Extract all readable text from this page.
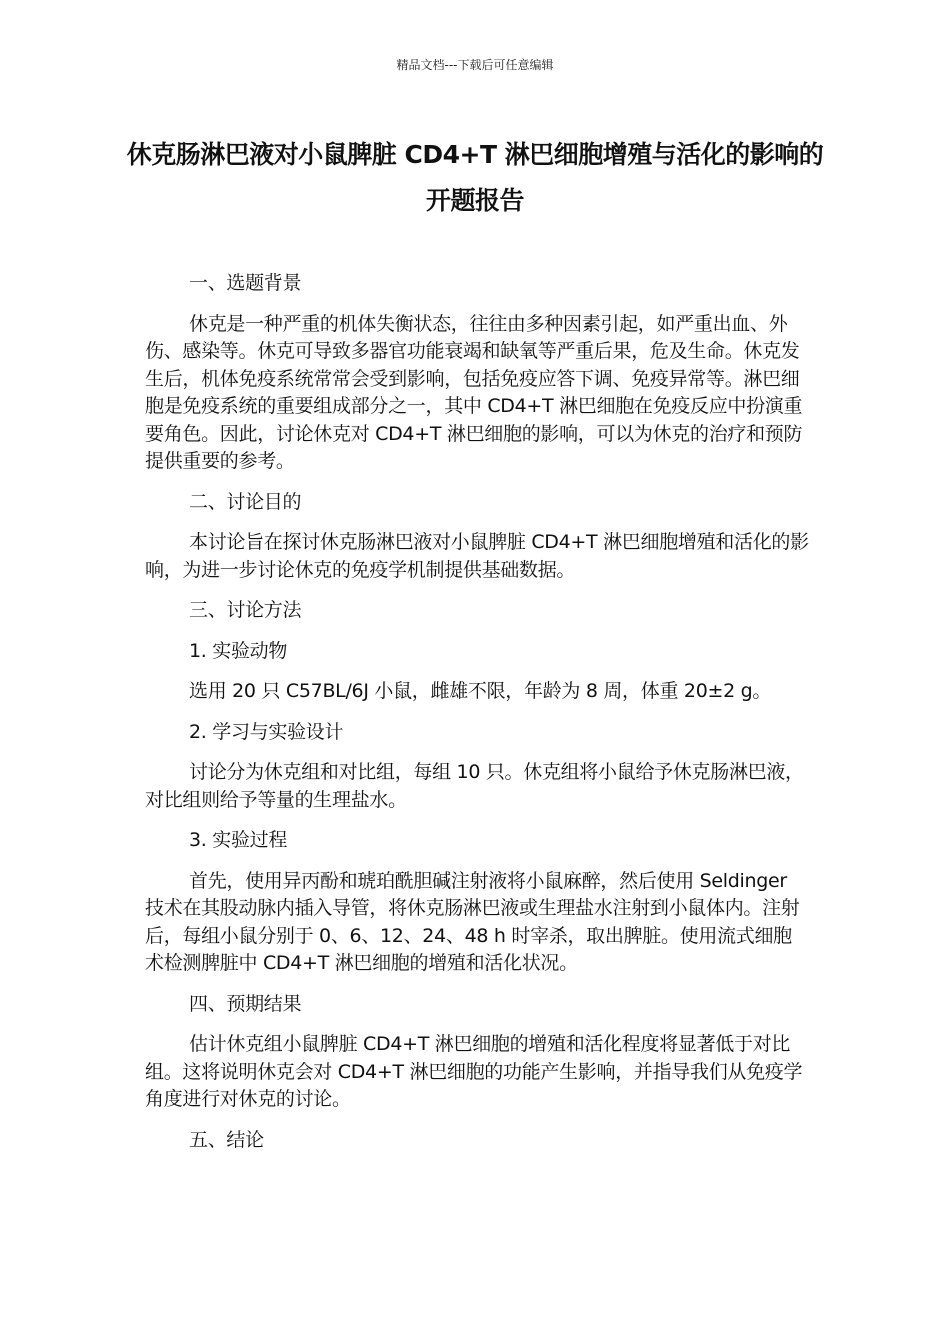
精品文档---下载后可任意编辑
休克肠淋巴液对小鼠脾脏 CD4+T 淋巴细胞增殖与活化的影响的开题报告

一、选题背景

休克是一种严重的机体失衡状态，往往由多种因素引起，如严重出血、外伤、感染等。休克可导致多器官功能衰竭和缺氧等严重后果，危及生命。休克发生后，机体免疫系统常常会受到影响，包括免疫应答下调、免疫异常等。淋巴细胞是免疫系统的重要组成部分之一，其中 CD4+T 淋巴细胞在免疫反应中扮演重要角色。因此，讨论休克对 CD4+T 淋巴细胞的影响，可以为休克的治疗和预防提供重要的参考。

二、讨论目的

本讨论旨在探讨休克肠淋巴液对小鼠脾脏 CD4+T 淋巴细胞增殖和活化的影响，为进一步讨论休克的免疫学机制提供基础数据。

三、讨论方法

1. 实验动物

选用 20 只 C57BL/6J 小鼠，雌雄不限，年龄为 8 周，体重 20±2 g。

2. 学习与实验设计

讨论分为休克组和对比组，每组 10 只。休克组将小鼠给予休克肠淋巴液，对比组则给予等量的生理盐水。

3. 实验过程

首先，使用异丙酚和琥珀酰胆碱注射液将小鼠麻醉，然后使用 Seldinger 技术在其股动脉内插入导管，将休克肠淋巴液或生理盐水注射到小鼠体内。注射后，每组小鼠分别于 0、6、12、24、48 h 时宰杀，取出脾脏。使用流式细胞术检测脾脏中 CD4+T 淋巴细胞的增殖和活化状况。

四、预期结果

估计休克组小鼠脾脏 CD4+T 淋巴细胞的增殖和活化程度将显著低于对比组。这将说明休克会对 CD4+T 淋巴细胞的功能产生影响，并指导我们从免疫学角度进行对休克的讨论。

五、结论
